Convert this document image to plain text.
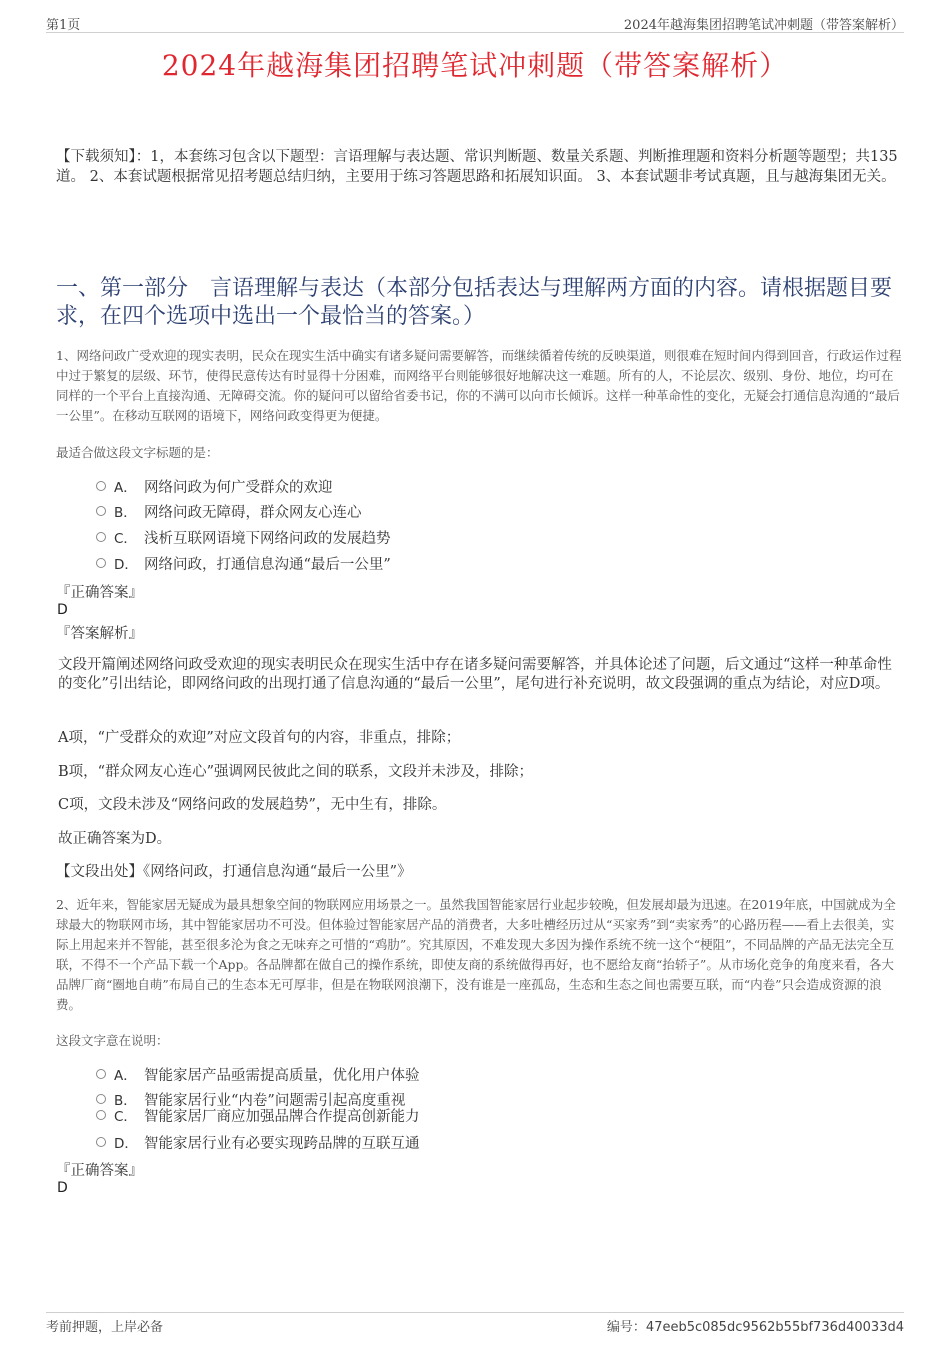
第1页	2024年越海集团招聘笔试冲刺题（带答案解析）
2024年越海集团招聘笔试冲刺题（带答案解析）
【下载须知】：1，本套练习包含以下题型：言语理解与表达题、常识判断题、数量关系题、判断推理题和资料分析题等题型；共135道。 2、本套试题根据常见招考题总结归纳，主要用于练习答题思路和拓展知识面。 3、本套试题非考试真题，且与越海集团无关。
一、第一部分　言语理解与表达（本部分包括表达与理解两方面的内容。请根据题目要求，在四个选项中选出一个最恰当的答案。）
1、网络问政广受欢迎的现实表明，民众在现实生活中确实有诸多疑问需要解答，而继续循着传统的反映渠道，则很难在短时间内得到回音，行政运作过程中过于繁复的层级、环节，使得民意传达有时显得十分困难，而网络平台则能够很好地解决这一难题。所有的人，不论层次、级别、身份、地位，均可在同样的一个平台上直接沟通、无障碍交流。你的疑问可以留给省委书记，你的不满可以向市长倾诉。这样一种革命性的变化，无疑会打通信息沟通的“最后一公里”。在移动互联网的语境下，网络问政变得更为便捷。
最适合做这段文字标题的是：
A． 网络问政为何广受群众的欢迎
B． 网络问政无障碍，群众网友心连心
C． 浅析互联网语境下网络问政的发展趋势
D． 网络问政，打通信息沟通“最后一公里”
『正确答案』
D
『答案解析』
文段开篇阐述网络问政受欢迎的现实表明民众在现实生活中存在诸多疑问需要解答，并具体论述了问题，后文通过“这样一种革命性的变化”引出结论，即网络问政的出现打通了信息沟通的“最后一公里”，尾句进行补充说明，故文段强调的重点为结论，对应D项。
A项，“广受群众的欢迎”对应文段首句的内容，非重点，排除；
B项，“群众网友心连心”强调网民彼此之间的联系，文段并未涉及，排除；
C项，文段未涉及“网络问政的发展趋势”，无中生有，排除。
故正确答案为D。
【文段出处】《网络问政，打通信息沟通“最后一公里”》
2、近年来，智能家居无疑成为最具想象空间的物联网应用场景之一。虽然我国智能家居行业起步较晚，但发展却最为迅速。在2019年底，中国就成为全球最大的物联网市场，其中智能家居功不可没。但体验过智能家居产品的消费者，大多吐槽经历过从“买家秀”到“卖家秀”的心路历程——看上去很美，实际上用起来并不智能，甚至很多沦为食之无味弃之可惜的“鸡肋”。究其原因，不难发现大多因为操作系统不统一这个“梗阻”，不同品牌的产品无法完全互联，不得不一个产品下载一个App。各品牌都在做自己的操作系统，即使友商的系统做得再好，也不愿给友商“抬轿子”。从市场化竞争的角度来看，各大品牌厂商“圈地自萌”布局自己的生态本无可厚非，但是在物联网浪潮下，没有谁是一座孤岛，生态和生态之间也需要互联，而“内卷”只会造成资源的浪费。
这段文字意在说明：
A． 智能家居产品亟需提高质量，优化用户体验
B． 智能家居行业“内卷”问题需引起高度重视
C． 智能家居厂商应加强品牌合作提高创新能力
D． 智能家居行业有必要实现跨品牌的互联互通
『正确答案』
D
考前押题，上岸必备	编号：47eeb5c085dc9562b55bf736d40033d4
